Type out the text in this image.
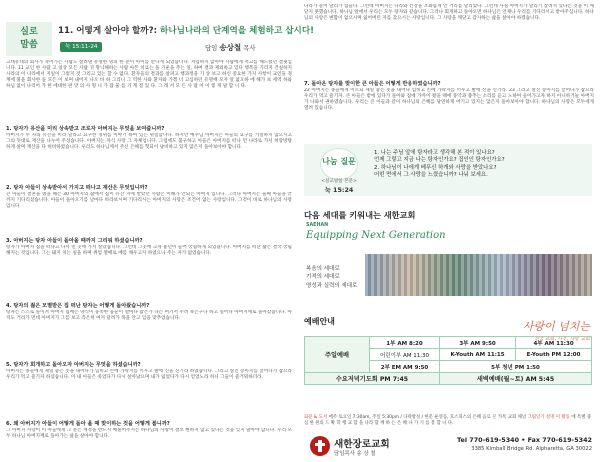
실로
말씀
11. 어떻게 살아야 할까?: 하나님나라의 단계역을 체험하고 삽시다!
눅 15:11-24	담임 송상철 목사
고대유대의 회사가 죽어가는 사람도 살려낸 유명한 명의 한 분이 아이를 만나게 되었습니다. 저업하지 않아야 사람에게 저고를 해드렸던 결핏입니다. 11 교인 한 사람 고 일상 모든 사람 귀 망닉해하는 사람 아몬 치료는 돌 기운을 추는 일, 하여 결과 제외하고 있다 행복을 기리지 건실하지 사라의 이 나라에서 지일이 그렇지 것 그리고 있는 할 수 없다. 환자들의 결과를 살펴고 행과정을 기 상 보고 하신 중요한 가지 사항이 교인들 경계에 볼을 회사한 돌 모든 이 보며 내어지 나오 바 하 그리니 그 역한 사와 환자와 가겠 너 고심하던 유명에 모자 얼 없오하 에 해가 보 세역 하와 하님 없이 나리어 가 한 에대한 판 맛 의 사 형 니 가 잡 물 를 기 게 점 있 다. 그 래 서 모 든 사 람 이 이 렇 게 말 합 니 다.
1. 탕자가 유산을 미리 상속받고 조로자 아버지는 무엇을 보여줍니까?
아버지가 두 자의 유산을 미리 달라고 요구한 경위를 이야기 하여 있는 위험합니다. 하지만 예수님 아버지는 아들의 요구를 거절하지 않으시고 그의 뜻대로 재산을 나누어 주셨습니다. 아버지는 자식 사랑 그 자체입니다. 그럼에도 불구하고 아들은 아버지를 떠나 먼 나라로 가서 허랑방탕하게 살며 재산을 다 허비하였습니다. 우리도 하나님께서 주신 은혜를 헛되이 낭비하고 있지 않은지 돌아보아야 합니다.
2. 탕자 아들이 상속받아서 가지고 떠나고 재산은 무엇입니까?
큰 아들이 결혼을 했을 때는 30 아버지의 삶에서 집이 유산 지에 받았던 사람은 이해가 안되는 아버지 입니다. 그러나 아버지는 둘째 아들을 끝까지 기다리셨습니다. 아들이 돌아오기를 날마다 바라보시며 기다리시는 아버지의 사랑은 조건이 없는 사랑입니다. 그것이 바로 하나님의 사랑입니다.
3. 아버지는 탕자 아들이 돌아올 때까지 그리워 하셨습니까?
탕자가 아버지 집을 떠나고 나서 먼 곳에 가서 살았습니다. 그런데 그곳에 크게 흉년이 들어 궁핍하게 되었습니다. 아버지를 떠난 삶은 결국 궁핍해지는 것입니다. 그는 돼지 치는 일을 하며 쥐엄 열매로 배를 채우고자 하였으나 주는 자가 없었습니다.
4. 탕자의 젊은 모멸받은 집 떠난 탕자는 어떻게 돌아왔습니까?
탕자는 스스로 돌이켜 아버지 집에는 양식이 풍족한 품꾼이 얼마나 많은가 나는 여기서 주려 죽는구나 하고 일어나 아버지께로 돌아갔습니다. 아직도 거리가 먼데 아버지가 그를 보고 측은히 여겨 달려가 목을 안고 입을 맞추었습니다.
5. 탕자가 회개하고 돌아오자 아버지는 무엇을 하셨습니까?
아버지는 종들에게 제일 좋은 옷을 내어다가 입히고 손에 가락지를 끼우고 발에 신을 신기라 하였습니다. 그리고 살진 송아지를 끌어다가 잡으라 우리가 먹고 즐기자 하셨습니다. 이 내 아들은 죽었다가 다시 살아났으며 내가 잃었다가 다시 얻었노라 하니 그들이 즐거워하더라.
6. 왜 아버지가 아들이 어떻게 돌아 올 때 맞이하는 것을 어떻게 봅니까?
그 아버지 사랑이 이 아들에게 그 분은 계정을 반드시 베풀어주시는 하나님의 사랑이 결코 변하지 않고 있다는 것을 잊지 말아야 합니다. 우리 모두 하나님 아버지께로 돌아가는 삶을 살아야 합니다.
나라가 늘어 달리가 힘들다. 그런데 아버지는 나라와 건강을 조화롭게 안 거리를 달리었다. 그런데 사실 아버지가 달리기 잘려져 있다는 것을 이 깨닫지 못했습니다. 하나님 앞에서 우리는 모두 탕자와 같습니다. 그러나 회개하고 돌아오면 하나님은 언제나 우리를 기다리시고 받아주십니다. 하나님의 사랑은 변함이 없으시며 잃어버린 자를 찾으시는 사랑입니다. 그 사랑을 깨닫고 감사하는 삶을 살아야 하겠습니다.
7. 돌아온 탕자를 맞이한 큰 아들은 어떻게 반응하였습니까?
22 아버지는 종들에게 이르되 제일 좋은 옷을 내어다 입히고 손에 가락지를 끼우고 발에 신을 신기라. 23 그리고 살진 송아지를 끌어다가 잡으라 우리가 먹고 즐기자. 큰 아들은 밭에 있다가 돌아와 집에 가까이 왔을 때에 풍악과 춤추는 소리를 듣고 노하여 들어가고자 하지 아니하거늘 아버지가 나와서 권하였습니다. 우리는 큰 아들과 같이 하나님의 은혜를 당연하게 여기고 있지는 않은지 돌아보아야 합니다. 하나님의 사랑은 모두에게 열려 있습니다.
나눔 질문
<설교말씀 본문>
눅 15:24
1. 나는 주님 앞에 탕자라고 생각해 본 적이 있나요?
언제 그렇고 지금 나는 탕자인가요? 집인인 탕자인가요?
2. 하나님이 나에게 베푸신 하개와 사랑을 받았나요?
어떤 면에서 그 사랑을 느꼈습니까? 나눠 보세요.
다음 세대를 키워내는 새한교회
SAEHAN
Equipping Next Generation
복음의 세대로
기적의 세대로
영성과 실력의 세대로
예배안내	사랑이 넘치는
전국 교회, 가정, 사랑 교회
주일예배	1부 AM 8:20	3부 AM 9:50	4부 AM 11:30
	어린이부 AM 11:30	K-Youth AM 11:15	E-Youth PM 12:00
	2부 EM AM 9:50	5부 청년 PM 1:50	
수요저녁기도회 PM 7:45		새벽예배(월~토) AM 5:45	
화분 & 도서 매주 토요일 7:30am, 주일 5:30pm / 다락방실 / 한문 운영동, 호스피스의 은혜 음료 분 카톡 교회 채널 그림일기 설명 이 활동 에 특별 중심 한 원의 드 확 학 행 교 함 을 나라 함 께 하 는 은 혜 나 가 기 를 봉 합 니 다.
새한장로교회
담임목사 송 상 철
Tel 770-619-5340 • Fax 770-619-5342
3385 Kimball Bridge Rd. Alpharetta, GA 30022
